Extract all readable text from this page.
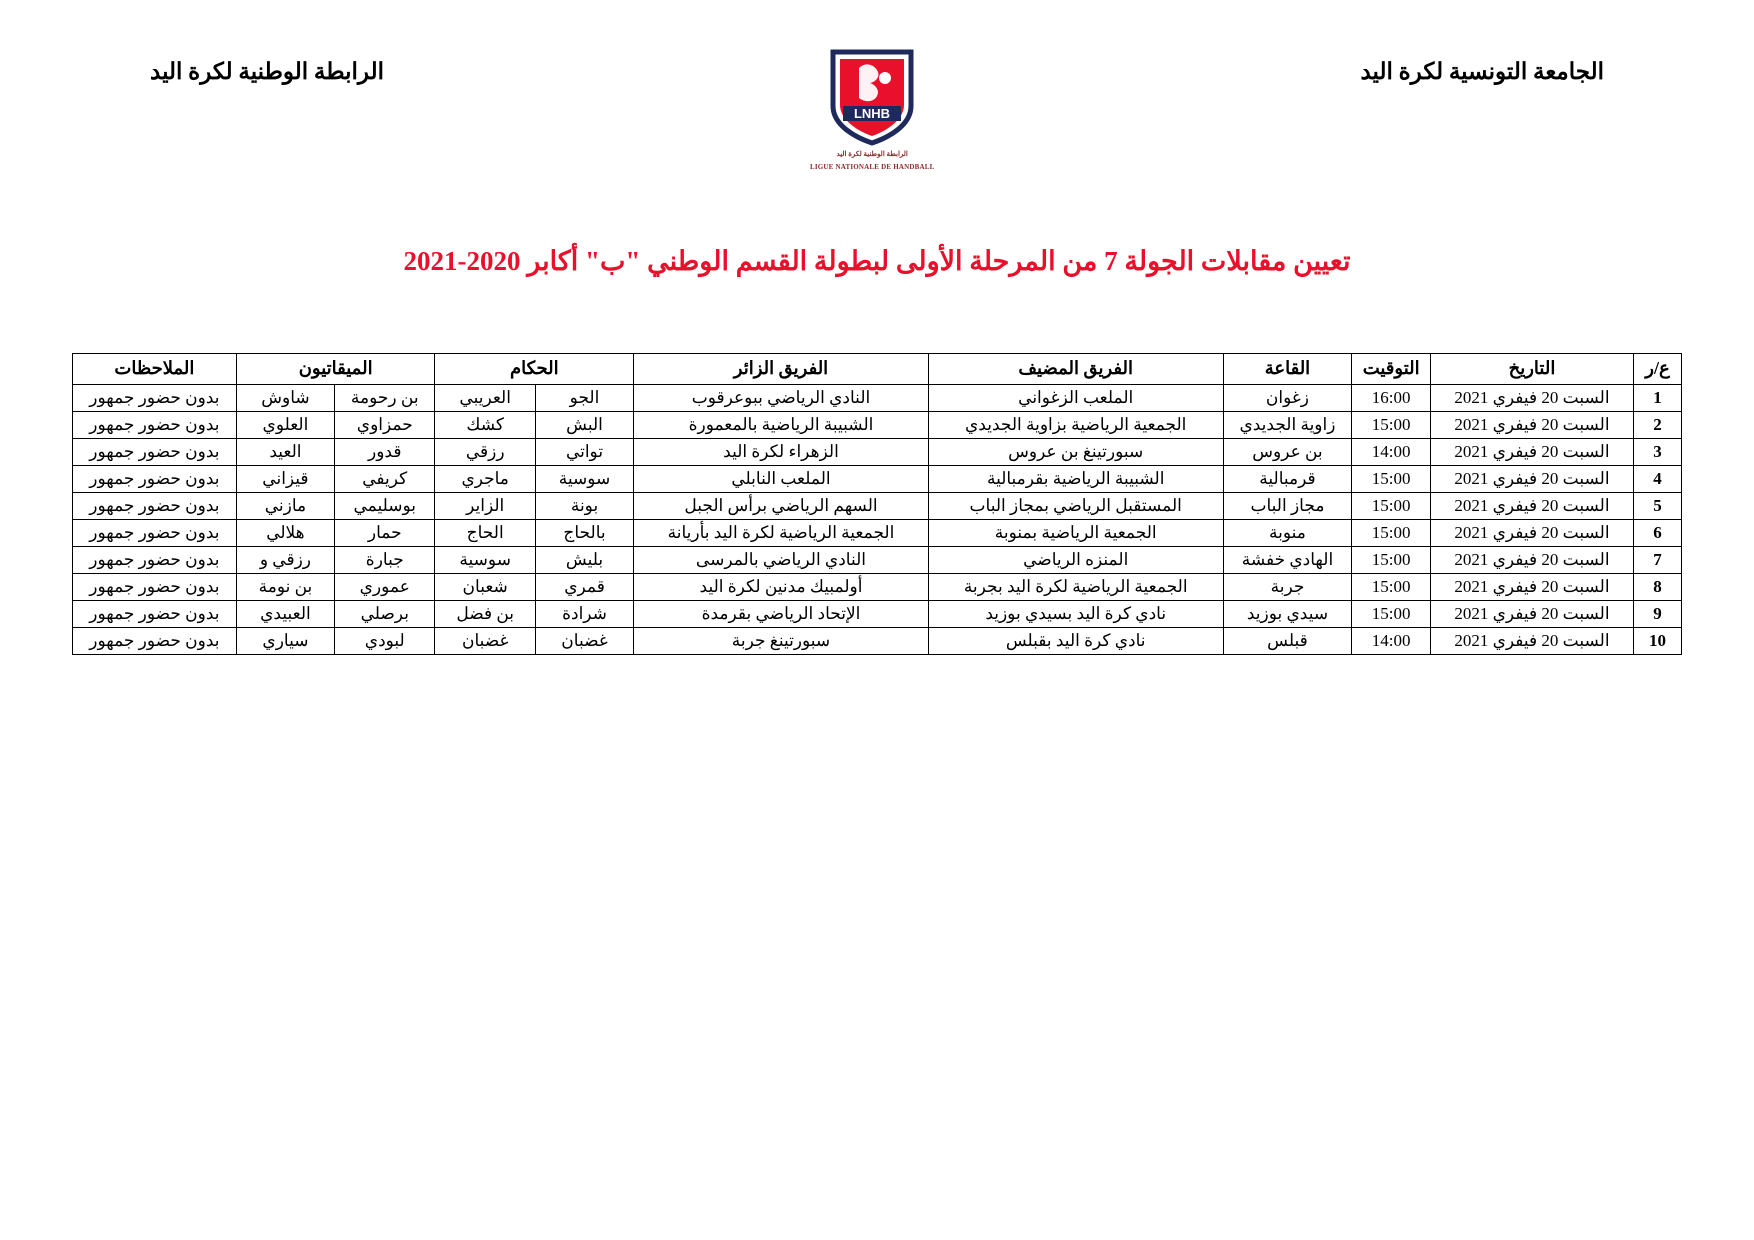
الجامعة التونسية لكرة اليد
LNHB
الرابطة الوطنية لكرة اليد
LIGUE NATIONALE DE HANDBALL
الرابطة الوطنية لكرة اليد
تعيين مقابلات الجولة 7 من المرحلة الأولى لبطولة القسم الوطني "ب" أكابر 2020-2021
ع/ر	التاريخ	التوقيت	القاعة	الفريق المضيف	الفريق الزائر	الحكام		الميقاتيون		الملاحظات
1	السبت 20 فيفري 2021	16:00	زغوان	الملعب الزغواني	النادي الرياضي ببوعرقوب	الجو	العريبي	بن رحومة	شاوش	بدون حضور جمهور
2	السبت 20 فيفري 2021	15:00	زاوية الجديدي	الجمعية الرياضية بزاوية الجديدي	الشبيبة الرياضية بالمعمورة	البش	كشك	حمزاوي	العلوي	بدون حضور جمهور
3	السبت 20 فيفري 2021	14:00	بن عروس	سبورتينغ بن عروس	الزهراء لكرة اليد	تواتي	رزقي	قدور	العيد	بدون حضور جمهور
4	السبت 20 فيفري 2021	15:00	قرمبالية	الشبيبة الرياضية بقرمبالية	الملعب النابلي	سوسية	ماجري	كريفي	قيزاني	بدون حضور جمهور
5	السبت 20 فيفري 2021	15:00	مجاز الباب	المستقبل الرياضي بمجاز الباب	السهم الرياضي برأس الجبل	بونة	الزاير	بوسليمي	مازني	بدون حضور جمهور
6	السبت 20 فيفري 2021	15:00	منوبة	الجمعية الرياضية بمنوبة	الجمعية الرياضية لكرة اليد بأريانة	بالحاج	الحاج	حمار	هلالي	بدون حضور جمهور
7	السبت 20 فيفري 2021	15:00	الهادي خفشة	المنزه الرياضي	النادي الرياضي بالمرسى	بليش	سوسية	جبارة	رزقي و	بدون حضور جمهور
8	السبت 20 فيفري 2021	15:00	جربة	الجمعية الرياضية لكرة اليد بجربة	أولمبيك مدنين لكرة اليد	قمري	شعبان	عموري	بن نومة	بدون حضور جمهور
9	السبت 20 فيفري 2021	15:00	سيدي بوزيد	نادي كرة اليد بسيدي بوزيد	الإتحاد الرياضي بقرمدة	شرادة	بن فضل	برصلي	العبيدي	بدون حضور جمهور
10	السبت 20 فيفري 2021	14:00	قبلس	نادي كرة اليد بقبلس	سبورتينغ جربة	غضبان	غضبان	لبودي	سياري	بدون حضور جمهور
